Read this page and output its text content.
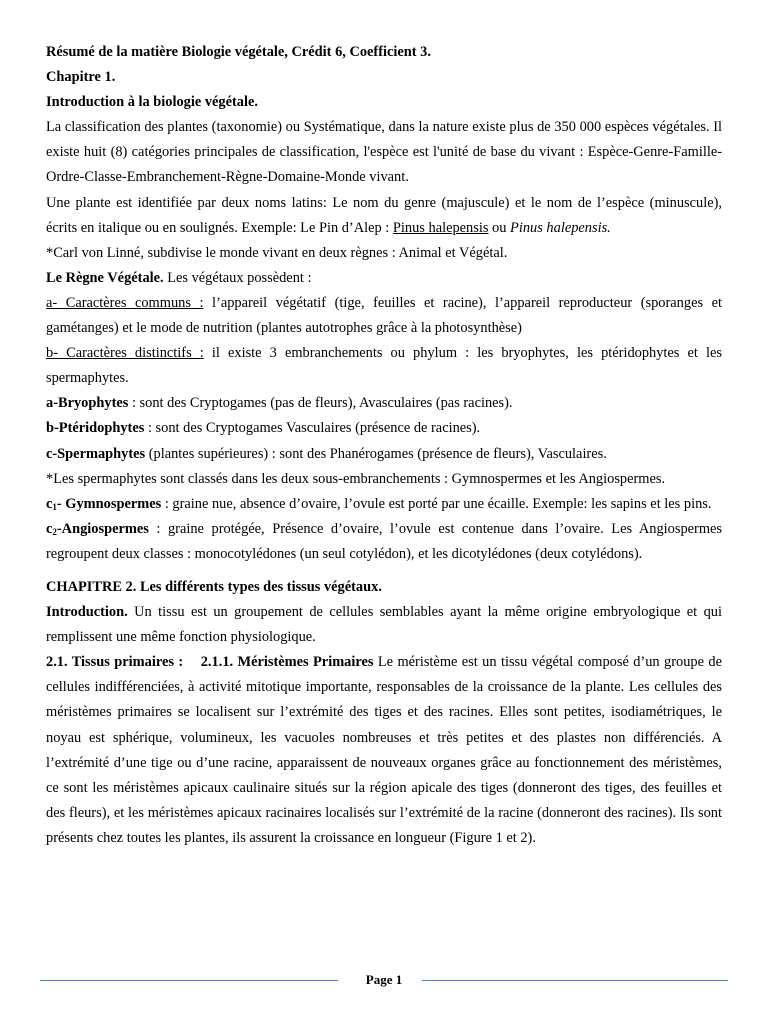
Résumé de la matière Biologie végétale, Crédit 6, Coefficient 3.

Chapitre 1.

Introduction à la biologie végétale.

La classification des plantes (taxonomie) ou Systématique, dans la nature existe plus de 350 000 espèces végétales. Il existe huit (8) catégories principales de classification, l'espèce est l'unité de base du vivant : Espèce-Genre-Famille-Ordre-Classe-Embranchement-Règne-Domaine-Monde vivant.

Une plante est identifiée par deux noms latins: Le nom du genre (majuscule) et le nom de l’espèce (minuscule), écrits en italique ou en soulignés. Exemple: Le Pin d’Alep : Pinus halepensis ou Pinus halepensis.

*Carl von Linné, subdivise le monde vivant en deux règnes : Animal et Végétal.

Le Règne Végétale. Les végétaux possèdent :

a- Caractères communs : l’appareil végétatif (tige, feuilles et racine), l’appareil reproducteur (sporanges et gamétanges) et le mode de nutrition (plantes autotrophes grâce à la photosynthèse)

b- Caractères distinctifs : il existe 3 embranchements ou phylum : les bryophytes, les ptéridophytes et les spermaphytes.

a-Bryophytes : sont des Cryptogames (pas de fleurs), Avasculaires (pas racines).

b-Ptéridophytes : sont des Cryptogames Vasculaires (présence de racines).

c-Spermaphytes (plantes supérieures) : sont des Phanérogames (présence de fleurs), Vasculaires.

*Les spermaphytes sont classés dans les deux sous-embranchements : Gymnospermes et les Angiospermes.

$c_1-$ Gymnospermes : graine nue, absence d’ovaire, l’ovule est porté par une écaille. Exemple: les sapins et les pins.

$c_2$-Angiospermes : graine protégée, Présence d’ovaire, l’ovule est contenue dans l’ovaire. Les Angiospermes regroupent deux classes : monocotylédones (un seul cotylédon), et les dicotylédones (deux cotylédons).

CHAPITRE 2. Les différents types des tissus végétaux.

Introduction. Un tissu est un groupement de cellules semblables ayant la même origine embryologique et qui remplissent une même fonction physiologique.

2.1. Tissus primaires :    2.1.1. Méristèmes Primaires Le méristème est un tissu végétal composé d’un groupe de cellules indifférenciées, à activité mitotique importante, responsables de la croissance de la plante. Les cellules des méristèmes primaires se localisent sur l’extrémité des tiges et des racines. Elles sont petites, isodiamétriques, le noyau est sphérique, volumineux, les vacuoles nombreuses et très petites et des plastes non différenciés. A l’extrémité d’une tige ou d’une racine, apparaissent de nouveaux organes grâce au fonctionnement des méristèmes, ce sont les méristèmes apicaux caulinaire situés sur la région apicale des tiges (donneront des tiges, des feuilles et des fleurs), et les méristèmes apicaux racinaires localisés sur l’extrémité de la racine (donneront des racines). Ils sont présents chez toutes les plantes, ils assurent la croissance en longueur (Figure 1 et 2).

Page 1
